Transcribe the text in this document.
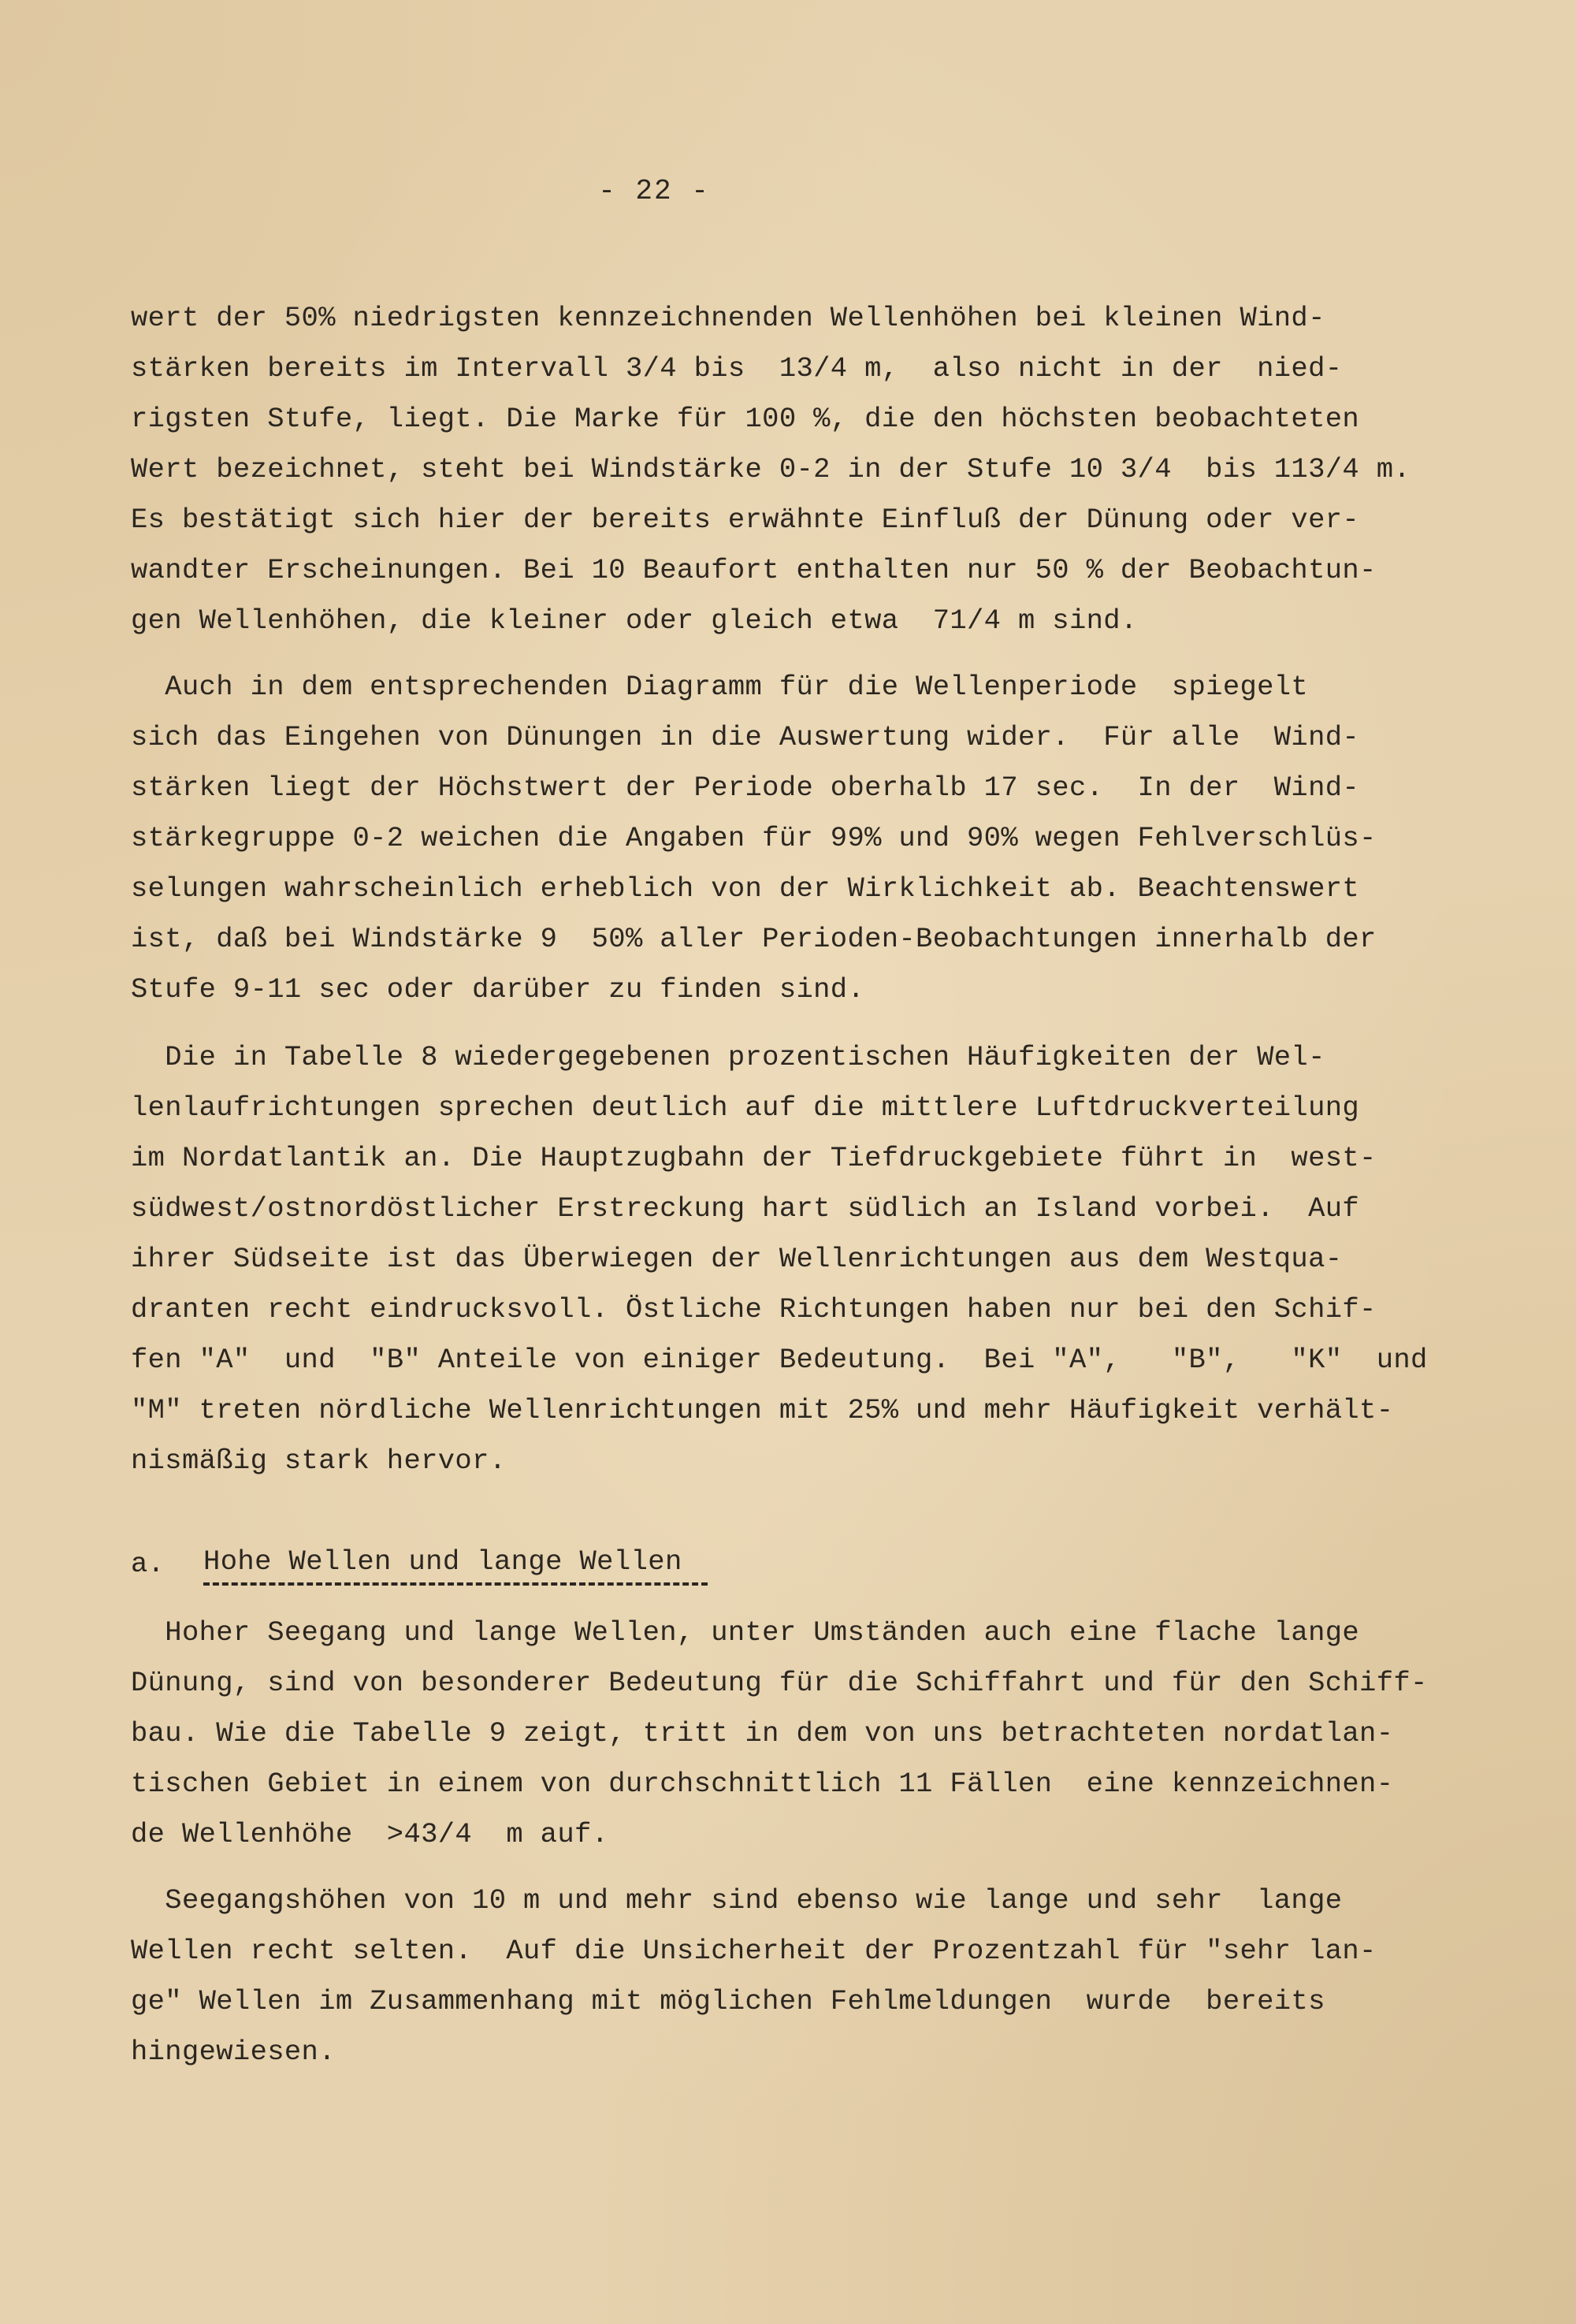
- 22 -
wert der 50% niedrigsten kennzeichnenden Wellenhöhen bei kleinen Wind-
stärken bereits im Intervall 3/4 bis  13/4 m,  also nicht in der  nied-
rigsten Stufe, liegt. Die Marke für 100 %, die den höchsten beobachteten
Wert bezeichnet, steht bei Windstärke 0-2 in der Stufe 10 3/4  bis 113/4 m.
Es bestätigt sich hier der bereits erwähnte Einfluß der Dünung oder ver-
wandter Erscheinungen. Bei 10 Beaufort enthalten nur 50 % der Beobachtun-
gen Wellenhöhen, die kleiner oder gleich etwa  71/4 m sind.
Auch in dem entsprechenden Diagramm für die Wellenperiode  spiegelt
sich das Eingehen von Dünungen in die Auswertung wider.  Für alle  Wind-
stärken liegt der Höchstwert der Periode oberhalb 17 sec.  In der  Wind-
stärkegruppe 0-2 weichen die Angaben für 99% und 90% wegen Fehlverschlüs-
selungen wahrscheinlich erheblich von der Wirklichkeit ab. Beachtenswert
ist, daß bei Windstärke 9  50% aller Perioden-Beobachtungen innerhalb der
Stufe 9-11 sec oder darüber zu finden sind.
Die in Tabelle 8 wiedergegebenen prozentischen Häufigkeiten der Wel-
lenlaufrichtungen sprechen deutlich auf die mittlere Luftdruckverteilung
im Nordatlantik an. Die Hauptzugbahn der Tiefdruckgebiete führt in  west-
südwest/ostnordöstlicher Erstreckung hart südlich an Island vorbei.  Auf
ihrer Südseite ist das Überwiegen der Wellenrichtungen aus dem Westqua-
dranten recht eindrucksvoll. Östliche Richtungen haben nur bei den Schif-
fen "A"  und  "B" Anteile von einiger Bedeutung.  Bei "A",   "B",   "K"  und
"M" treten nördliche Wellenrichtungen mit 25% und mehr Häufigkeit verhält-
nismäßig stark hervor.
a. Hohe Wellen und lange Wellen
Hoher Seegang und lange Wellen, unter Umständen auch eine flache lange
Dünung, sind von besonderer Bedeutung für die Schiffahrt und für den Schiff-
bau. Wie die Tabelle 9 zeigt, tritt in dem von uns betrachteten nordatlan-
tischen Gebiet in einem von durchschnittlich 11 Fällen  eine kennzeichnen-
de Wellenhöhe  >43/4  m auf.
Seegangshöhen von 10 m und mehr sind ebenso wie lange und sehr  lange
Wellen recht selten.  Auf die Unsicherheit der Prozentzahl für "sehr lan-
ge" Wellen im Zusammenhang mit möglichen Fehlmeldungen  wurde  bereits
hingewiesen.
